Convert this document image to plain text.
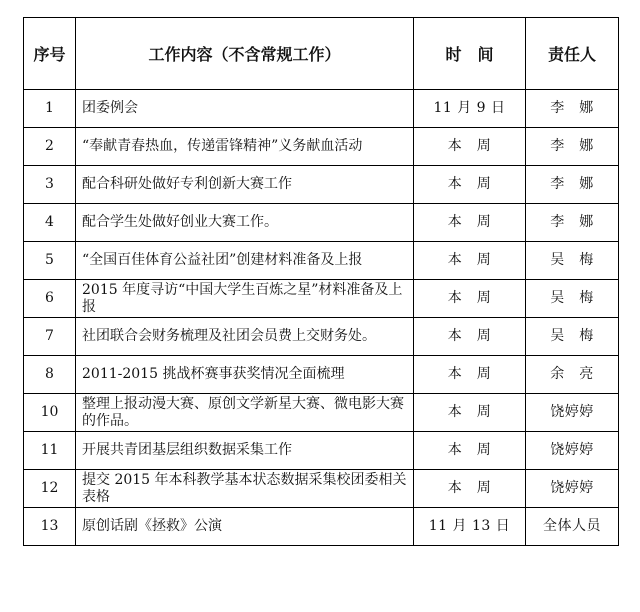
序号	工作内容（不含常规工作）	时　间	责任人
1	团委例会	11 月 9 日	李　娜
2	“奉献青春热血，传递雷锋精神”义务献血活动	本　周	李　娜
3	配合科研处做好专利创新大赛工作	本　周	李　娜
4	配合学生处做好创业大赛工作。	本　周	李　娜
5	“全国百佳体育公益社团”创建材料准备及上报	本　周	吴　梅
6	2015 年度寻访“中国大学生百炼之星”材料准备及上报	本　周	吴　梅
7	社团联合会财务梳理及社团会员费上交财务处。	本　周	吴　梅
8	2011-2015 挑战杯赛事获奖情况全面梳理	本　周	余　亮
10	整理上报动漫大赛、原创文学新星大赛、微电影大赛的作品。	本　周	饶婷婷
11	开展共青团基层组织数据采集工作	本　周	饶婷婷
12	提交 2015 年本科教学基本状态数据采集校团委相关表格	本　周	饶婷婷
13	原创话剧《拯救》公演	11 月 13 日	全体人员
